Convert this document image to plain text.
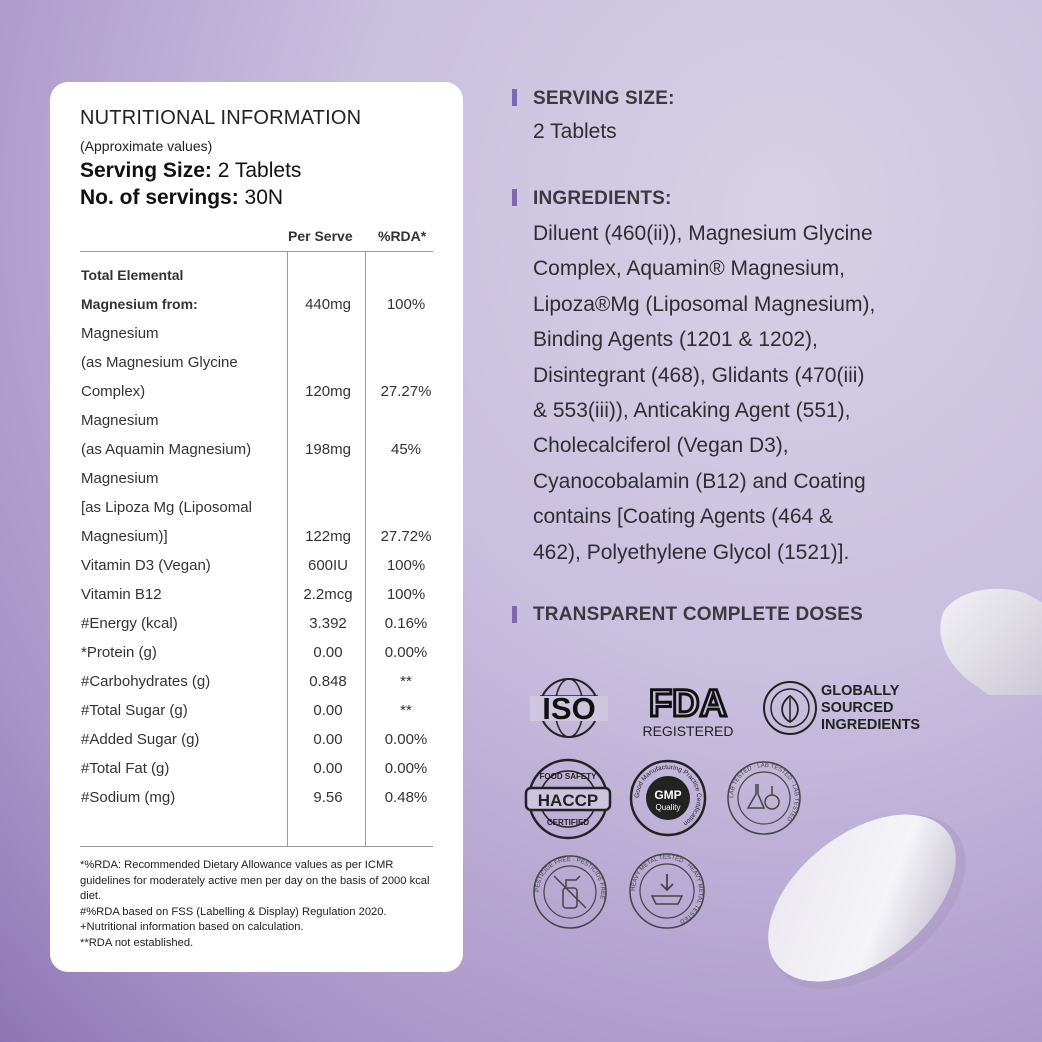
NUTRITIONAL INFORMATION
(Approximate values)
Serving Size: 2 Tablets
No. of servings: 30N
Per Serve %RDA*
Total Elemental
Magnesium from:	440mg	100%
Magnesium
(as Magnesium Glycine
Complex)	120mg	27.27%
Magnesium
(as Aquamin Magnesium)	198mg	45%
Magnesium
[as Lipoza Mg (Liposomal
Magnesium)]	122mg	27.72%
Vitamin D3 (Vegan)	600IU	100%
Vitamin B12	2.2mcg	100%
#Energy (kcal)	3.392	0.16%
*Protein (g)	0.00	0.00%
#Carbohydrates (g)	0.848	**
#Total Sugar (g)	0.00	**
#Added Sugar (g)	0.00	0.00%
#Total Fat (g)	0.00	0.00%
#Sodium (mg)	9.56	0.48%
*%RDA: Recommended Dietary Allowance values as per ICMR guidelines for moderately active men per day on the basis of 2000 kcal diet.
#%RDA based on FSS (Labelling & Display) Regulation 2020. +Nutritional information based on calculation.
**RDA not established.
SERVING SIZE:
2 Tablets
INGREDIENTS:
Diluent (460(ii)), Magnesium Glycine
Complex, Aquamin® Magnesium,
Lipoza®Mg (Liposomal Magnesium),
Binding Agents (1201 & 1202),
Disintegrant (468), Glidants (470(iii)
& 553(iii)), Anticaking Agent (551),
Cholecalciferol (Vegan D3),
Cyanocobalamin (B12) and Coating
contains [Coating Agents (464 &
462), Polyethylene Glycol (1521)].
TRANSPARENT COMPLETE DOSES
ISO FDA
REGISTERED
GLOBALLY
SOURCED
INGREDIENTS
HACCP
FOOD SAFETY
CERTIFIED
Good Manufacturing Practice Certification
GMP
Quality
LAB TESTED · LAB TESTED · LAB TESTED
PESTICIDE FREE · PESTICIDE FREE
HEAVY METAL TESTED · HEAVY METAL TESTED
